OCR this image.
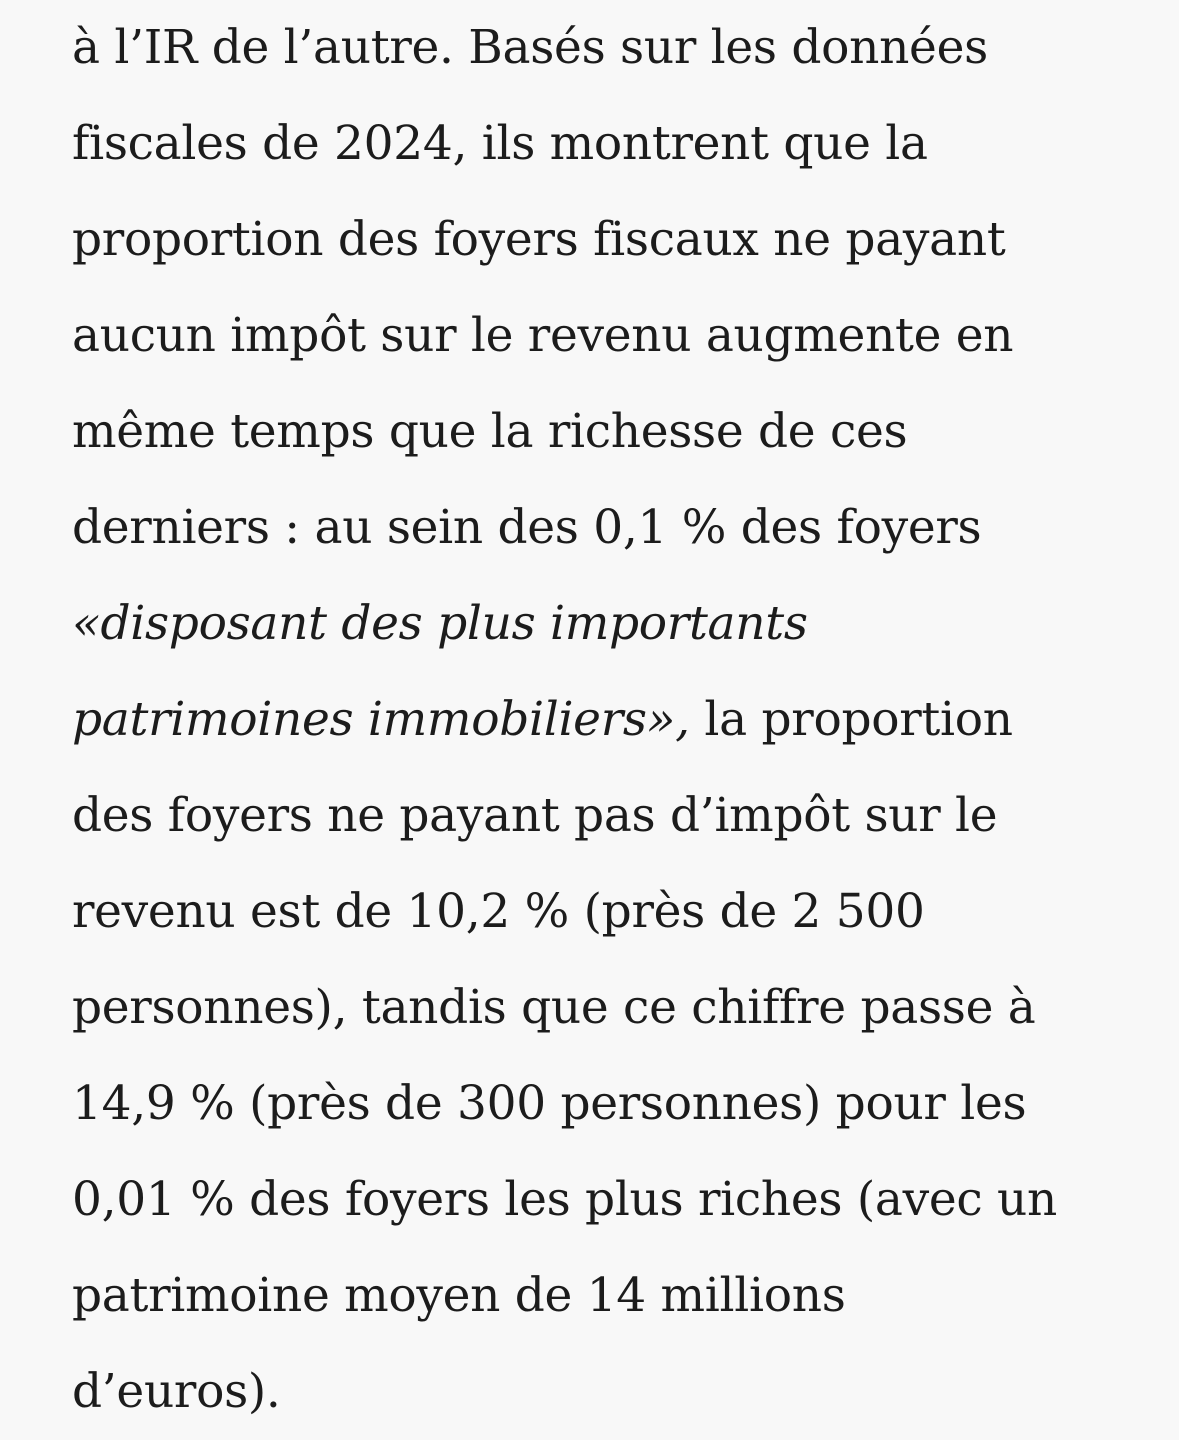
à l’IR de l’autre. Basés sur les données
fiscales de 2024, ils montrent que la
proportion des foyers fiscaux ne payant
aucun impôt sur le revenu augmente en
même temps que la richesse de ces
derniers : au sein des 0,1 % des foyers
«disposant des plus importants
patrimoines immobiliers», la proportion
des foyers ne payant pas d’impôt sur le
revenu est de 10,2 % (près de 2 500
personnes), tandis que ce chiffre passe à
14,9 % (près de 300 personnes) pour les
0,01 % des foyers les plus riches (avec un
patrimoine moyen de 14 millions
d’euros).
